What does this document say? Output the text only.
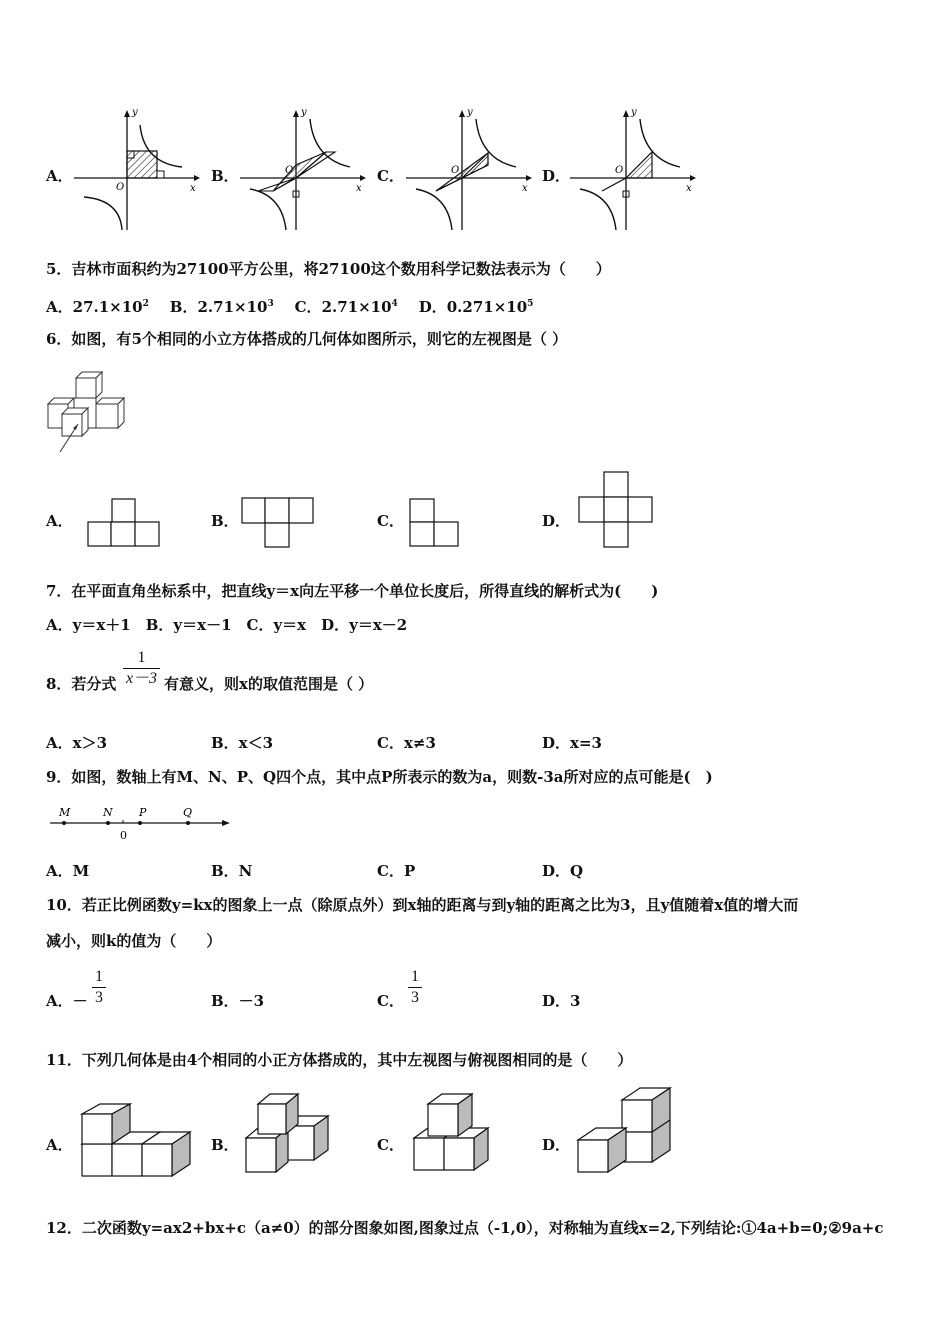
A．	B．	C．	D．
y
x
O
y
x
O
y
x
O
y
x
O
5．吉林市面积约为27100平方公里，将27100这个数用科学记数法表示为（　　）
A．$27.1\times 10^2$ B．$2.71\times 10^3$ C．$2.71\times 10^4$ D．$0.271\times 10^5$
6．如图，有5个相同的小立方体搭成的几何体如图所示，则它的左视图是（ ）
A．	B．	C．	D．
7．在平面直角坐标系中，把直线y＝x向左平移一个单位长度后，所得直线的解析式为(　　)
A．y＝x＋1　B．y＝x－1　C．y＝x　D．y＝x－2
8．若分式
1
x－3 有意义，则x的取值范围是（ ）
A．x＞3	B．x＜3	C．x≠3	D．x=3
9．如图，数轴上有M、N、P、Q四个点，其中点P所表示的数为a，则数-3a所对应的点可能是(　)
M	N P	Q
0
A．M	B．N	C．P	D．Q
10．若正比例函数y=kx的图象上一点（除原点外）到x轴的距离与到y轴的距离之比为3，且y值随着x值的增大而
减小，则k的值为（　　）
A．－
1
3	B．－3	C．
1
3	D．3
11．下列几何体是由4个相同的小正方体搭成的，其中左视图与俯视图相同的是（　　）
A．	B．	C．	D．
12．二次函数y=ax2+bx+c（a≠0）的部分图象如图,图象过点（-1,0），对称轴为直线x=2,下列结论:①4a+b=0;②9a+c
